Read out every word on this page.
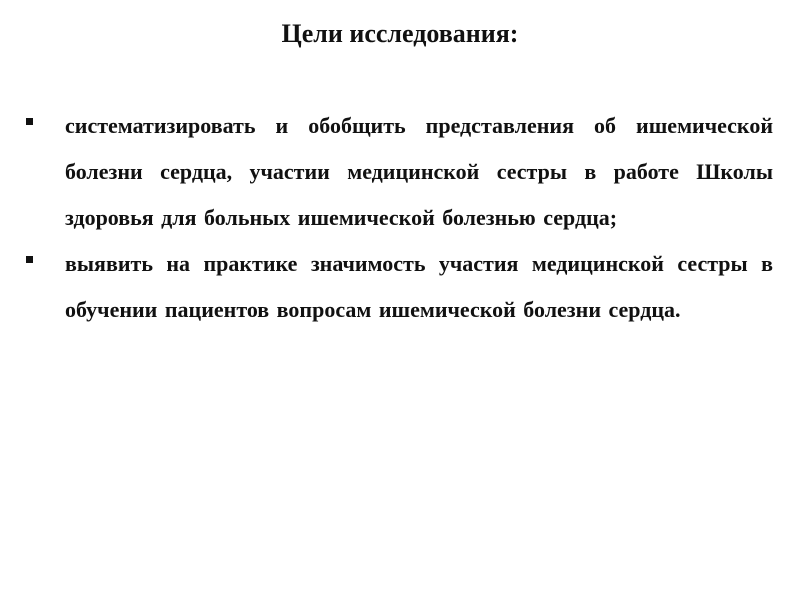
Цели исследования:
систематизировать и обобщить представления об ишемической болезни сердца, участии медицинской сестры в работе Школы здоровья для больных ишемической болезнью сердца;
выявить на практике значимость участия медицинской сестры в обучении пациентов вопросам ишемической болезни сердца.
